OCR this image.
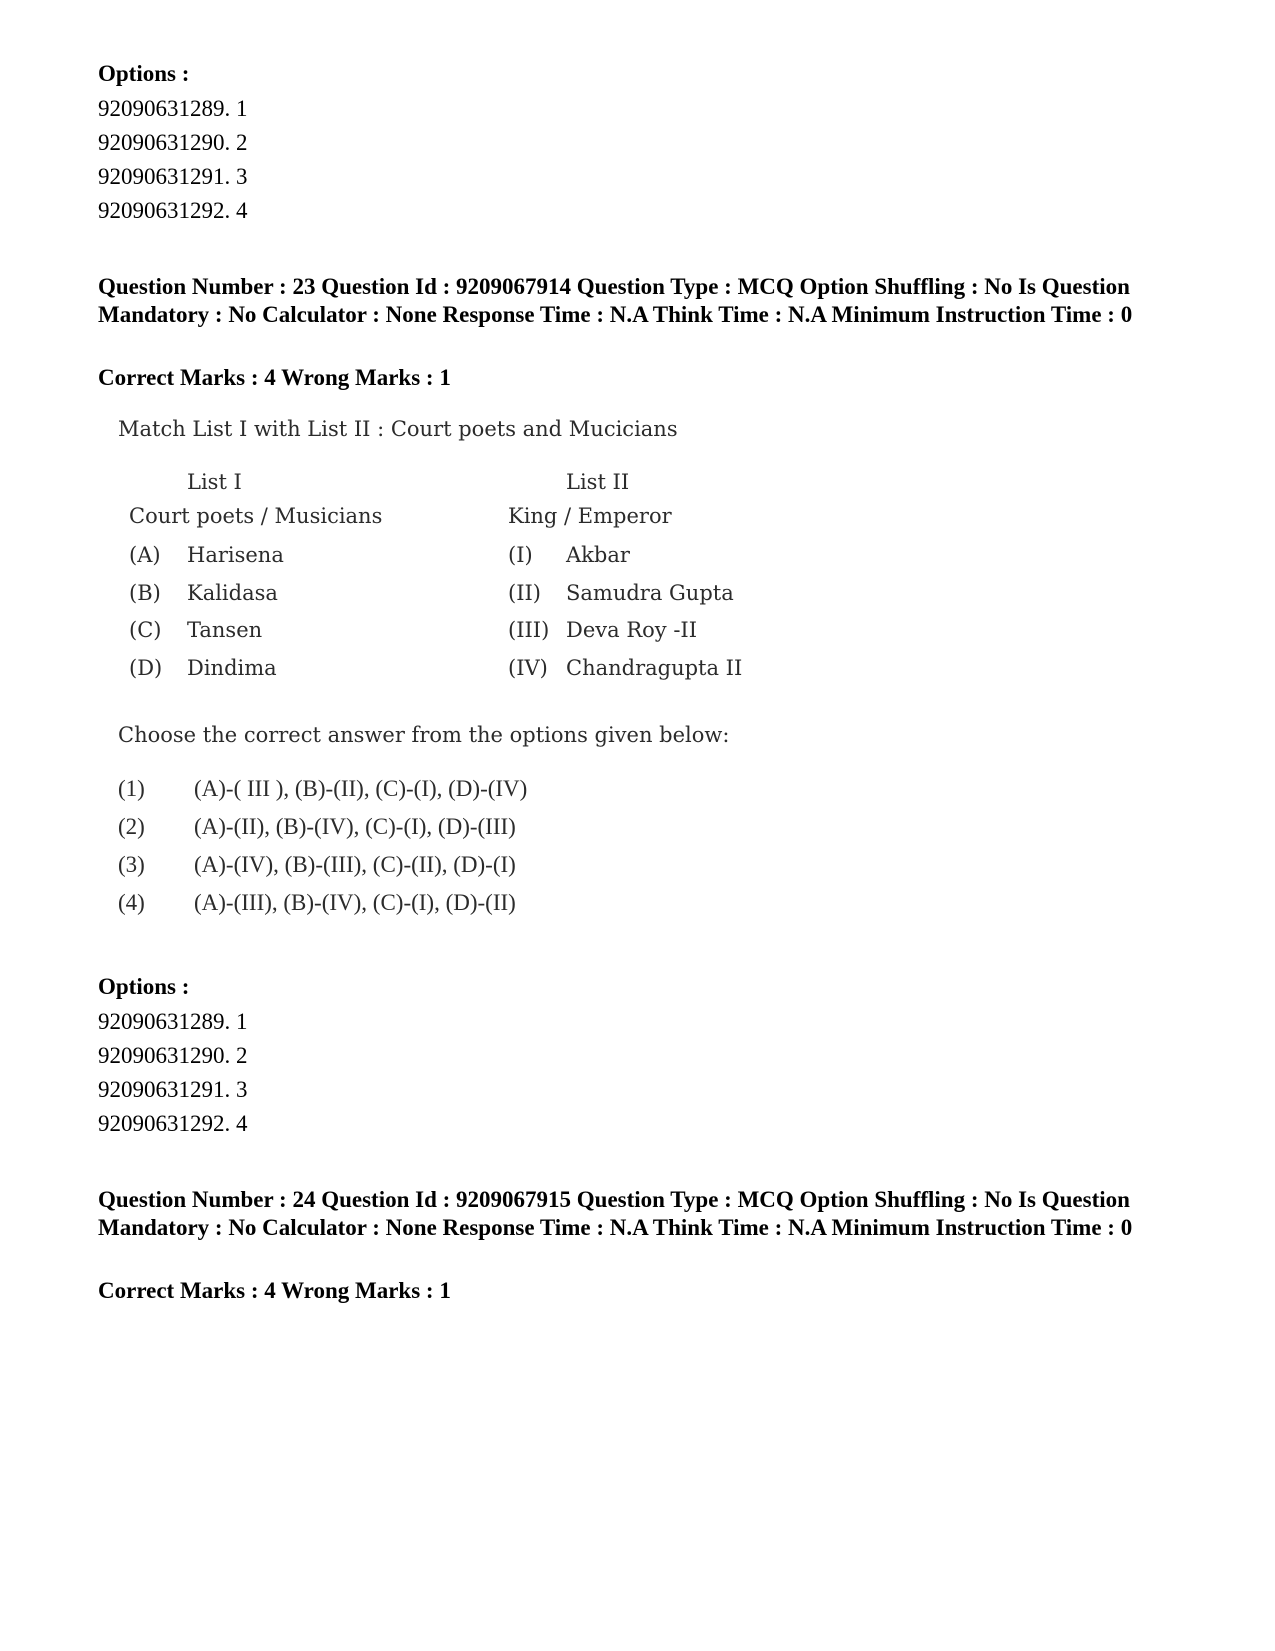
Options :
92090631289. 1
92090631290. 2
92090631291. 3
92090631292. 4
Question Number : 23 Question Id : 9209067914 Question Type : MCQ Option Shuffling : No Is Question Mandatory : No Calculator : None Response Time : N.A Think Time : N.A Minimum Instruction Time : 0
Correct Marks : 4 Wrong Marks : 1
Match List I with List II : Court poets and Mucicians
List I
Court poets / Musicians
(A) Harisena
(B) Kalidasa
(C) Tansen
(D) Dindima
List II
King / Emperor
(I) Akbar
(II) Samudra Gupta
(III) Deva Roy -II
(IV) Chandragupta II
Choose the correct answer from the options given below:
(1) (A)-( III ), (B)-(II), (C)-(I), (D)-(IV)
(2) (A)-(II), (B)-(IV), (C)-(I), (D)-(III)
(3) (A)-(IV), (B)-(III), (C)-(II), (D)-(I)
(4) (A)-(III), (B)-(IV), (C)-(I), (D)-(II)
Options :
92090631289. 1
92090631290. 2
92090631291. 3
92090631292. 4
Question Number : 24 Question Id : 9209067915 Question Type : MCQ Option Shuffling : No Is Question Mandatory : No Calculator : None Response Time : N.A Think Time : N.A Minimum Instruction Time : 0
Correct Marks : 4 Wrong Marks : 1
